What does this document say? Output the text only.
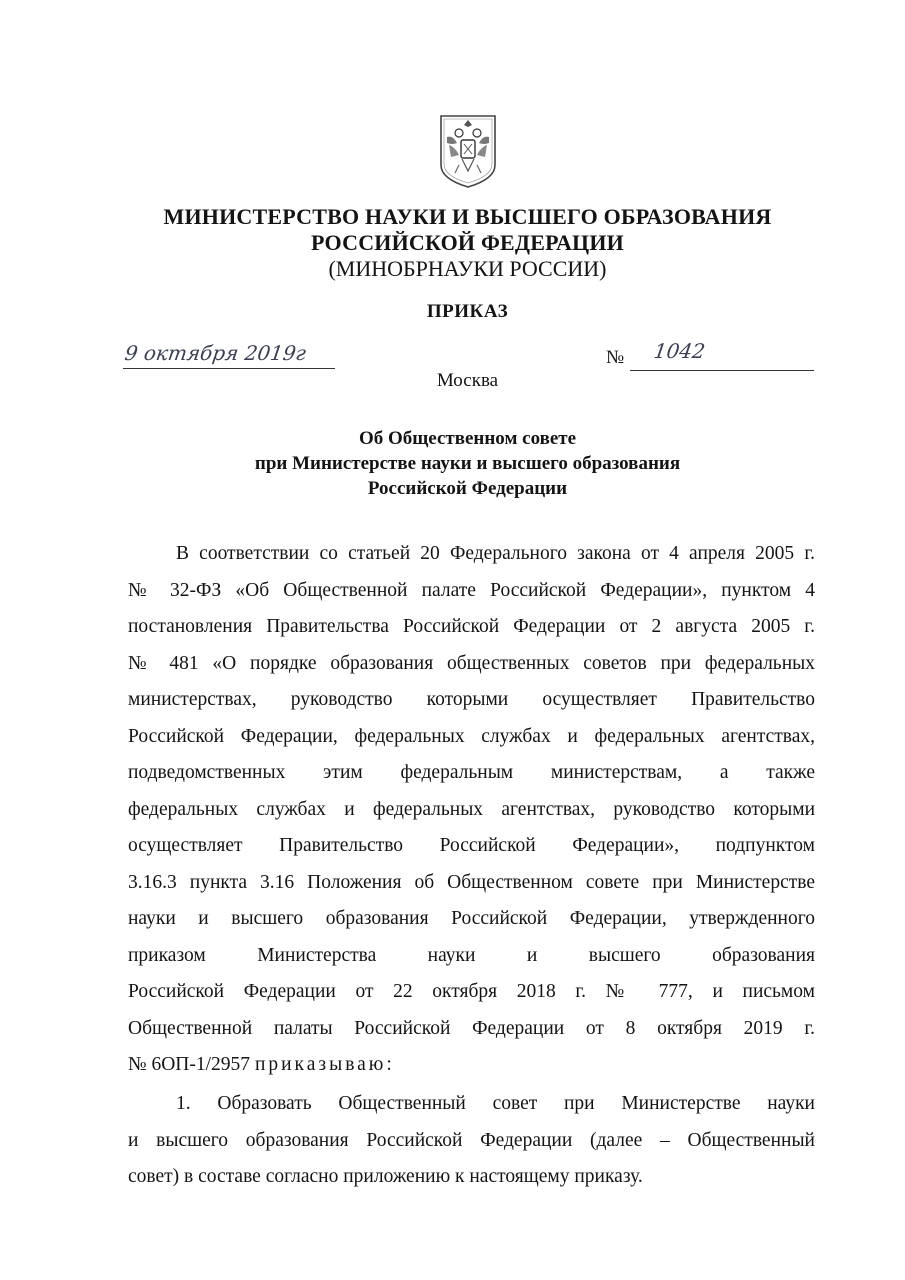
МИНИСТЕРСТВО НАУКИ И ВЫСШЕГО ОБРАЗОВАНИЯ
РОССИЙСКОЙ ФЕДЕРАЦИИ
(МИНОБРНАУКИ РОССИИ)
ПРИКАЗ
9 октября 2019г	№ 1042
Москва
Об Общественном совете
при Министерстве науки и высшего образования
Российской Федерации
В соответствии со статьей 20 Федерального закона от 4 апреля 2005 г.
№ 32-ФЗ «Об Общественной палате Российской Федерации», пунктом 4
постановления Правительства Российской Федерации от 2 августа 2005 г.
№ 481 «О порядке образования общественных советов при федеральных
министерствах, руководство которыми осуществляет Правительство
Российской Федерации, федеральных службах и федеральных агентствах,
подведомственных этим федеральным министерствам, а также
федеральных службах и федеральных агентствах, руководство которыми
осуществляет Правительство Российской Федерации», подпунктом
3.16.3 пункта 3.16 Положения об Общественном совете при Министерстве
науки и высшего образования Российской Федерации, утвержденного
приказом Министерства науки и высшего образования
Российской Федерации от 22 октября 2018 г. № 777, и письмом
Общественной палаты Российской Федерации от 8 октября 2019 г.
№ 6ОП-1/2957 приказываю:
1. Образовать Общественный совет при Министерстве науки
и высшего образования Российской Федерации (далее – Общественный
совет) в составе согласно приложению к настоящему приказу.
